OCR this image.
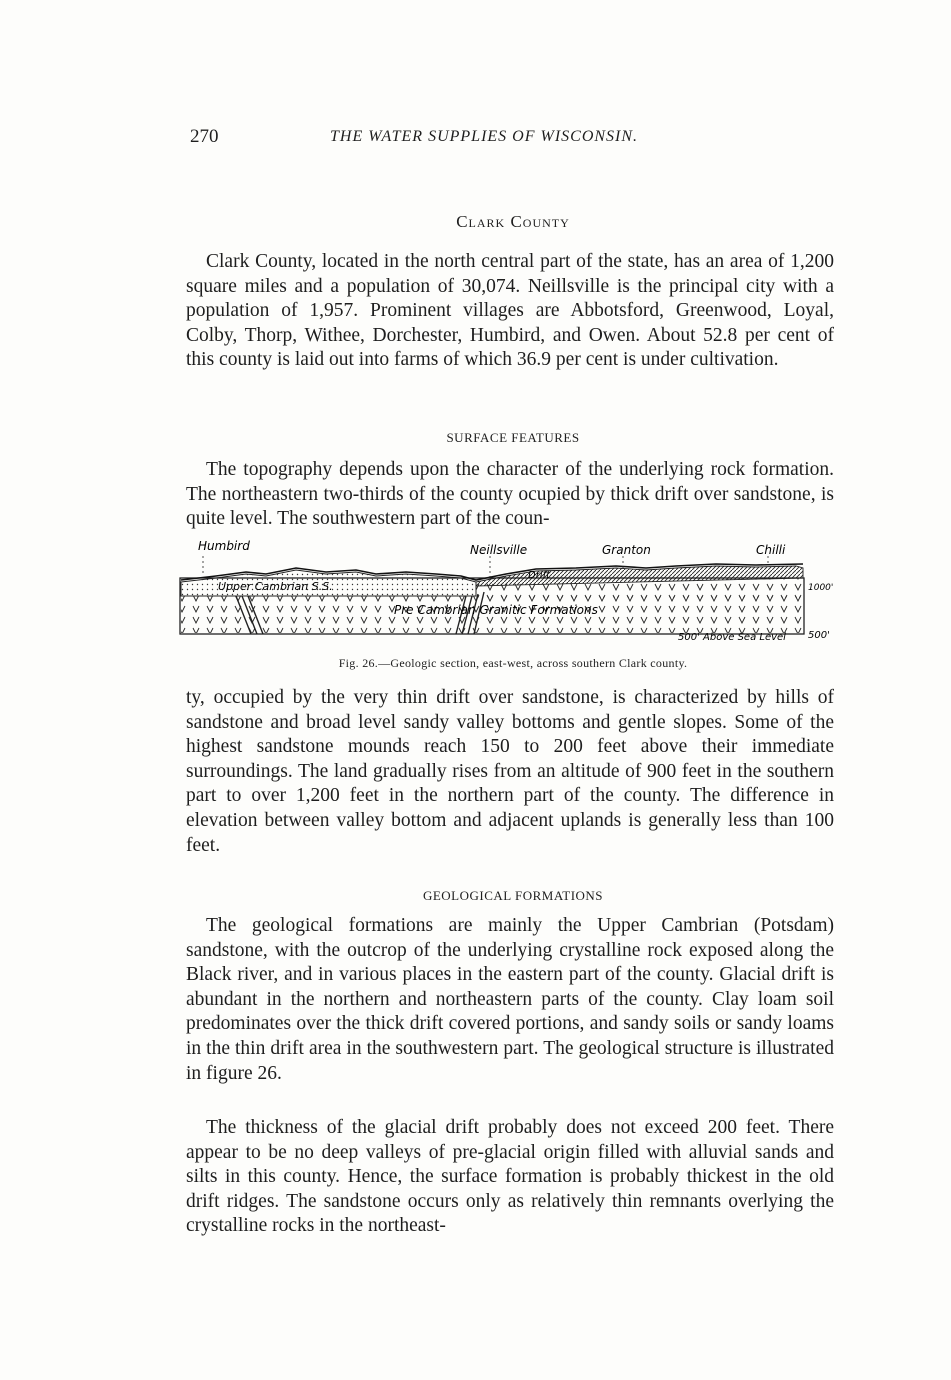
270	THE WATER SUPPLIES OF WISCONSIN.
Clark County

Clark County, located in the north central part of the state, has an area of 1,200 square miles and a population of 30,074. Neillsville is the principal city with a population of 1,957. Prominent villages are Abbotsford, Greenwood, Loyal, Colby, Thorp, Withee, Dorchester, Humbird, and Owen. About 52.8 per cent of this county is laid out into farms of which 36.9 per cent is under cultivation.

SURFACE FEATURES

The topography depends upon the character of the underlying rock formation. The northeastern two-thirds of the county ocupied by thick drift over sandstone, is quite level. The southwestern part of the coun-

Humbird	Neillsville	Granton	Chilli
Upper Cambrian S.S.
Drift
Pre Cambrian Granitic Formations
500' Above Sea Level
1000'
500'
Fig. 26.—Geologic section, east-west, across southern Clark county.

ty, occupied by the very thin drift over sandstone, is characterized by hills of sandstone and broad level sandy valley bottoms and gentle slopes. Some of the highest sandstone mounds reach 150 to 200 feet above their immediate surroundings. The land gradually rises from an altitude of 900 feet in the southern part to over 1,200 feet in the northern part of the county. The difference in elevation between valley bottom and adjacent uplands is generally less than 100 feet.

GEOLOGICAL FORMATIONS

The geological formations are mainly the Upper Cambrian (Potsdam) sandstone, with the outcrop of the underlying crystalline rock exposed along the Black river, and in various places in the eastern part of the county. Glacial drift is abundant in the northern and northeastern parts of the county. Clay loam soil predominates over the thick drift covered portions, and sandy soils or sandy loams in the thin drift area in the southwestern part. The geological structure is illustrated in figure 26.

The thickness of the glacial drift probably does not exceed 200 feet. There appear to be no deep valleys of pre-glacial origin filled with alluvial sands and silts in this county. Hence, the surface formation is probably thickest in the old drift ridges. The sandstone occurs only as relatively thin remnants overlying the crystalline rocks in the northeast-
